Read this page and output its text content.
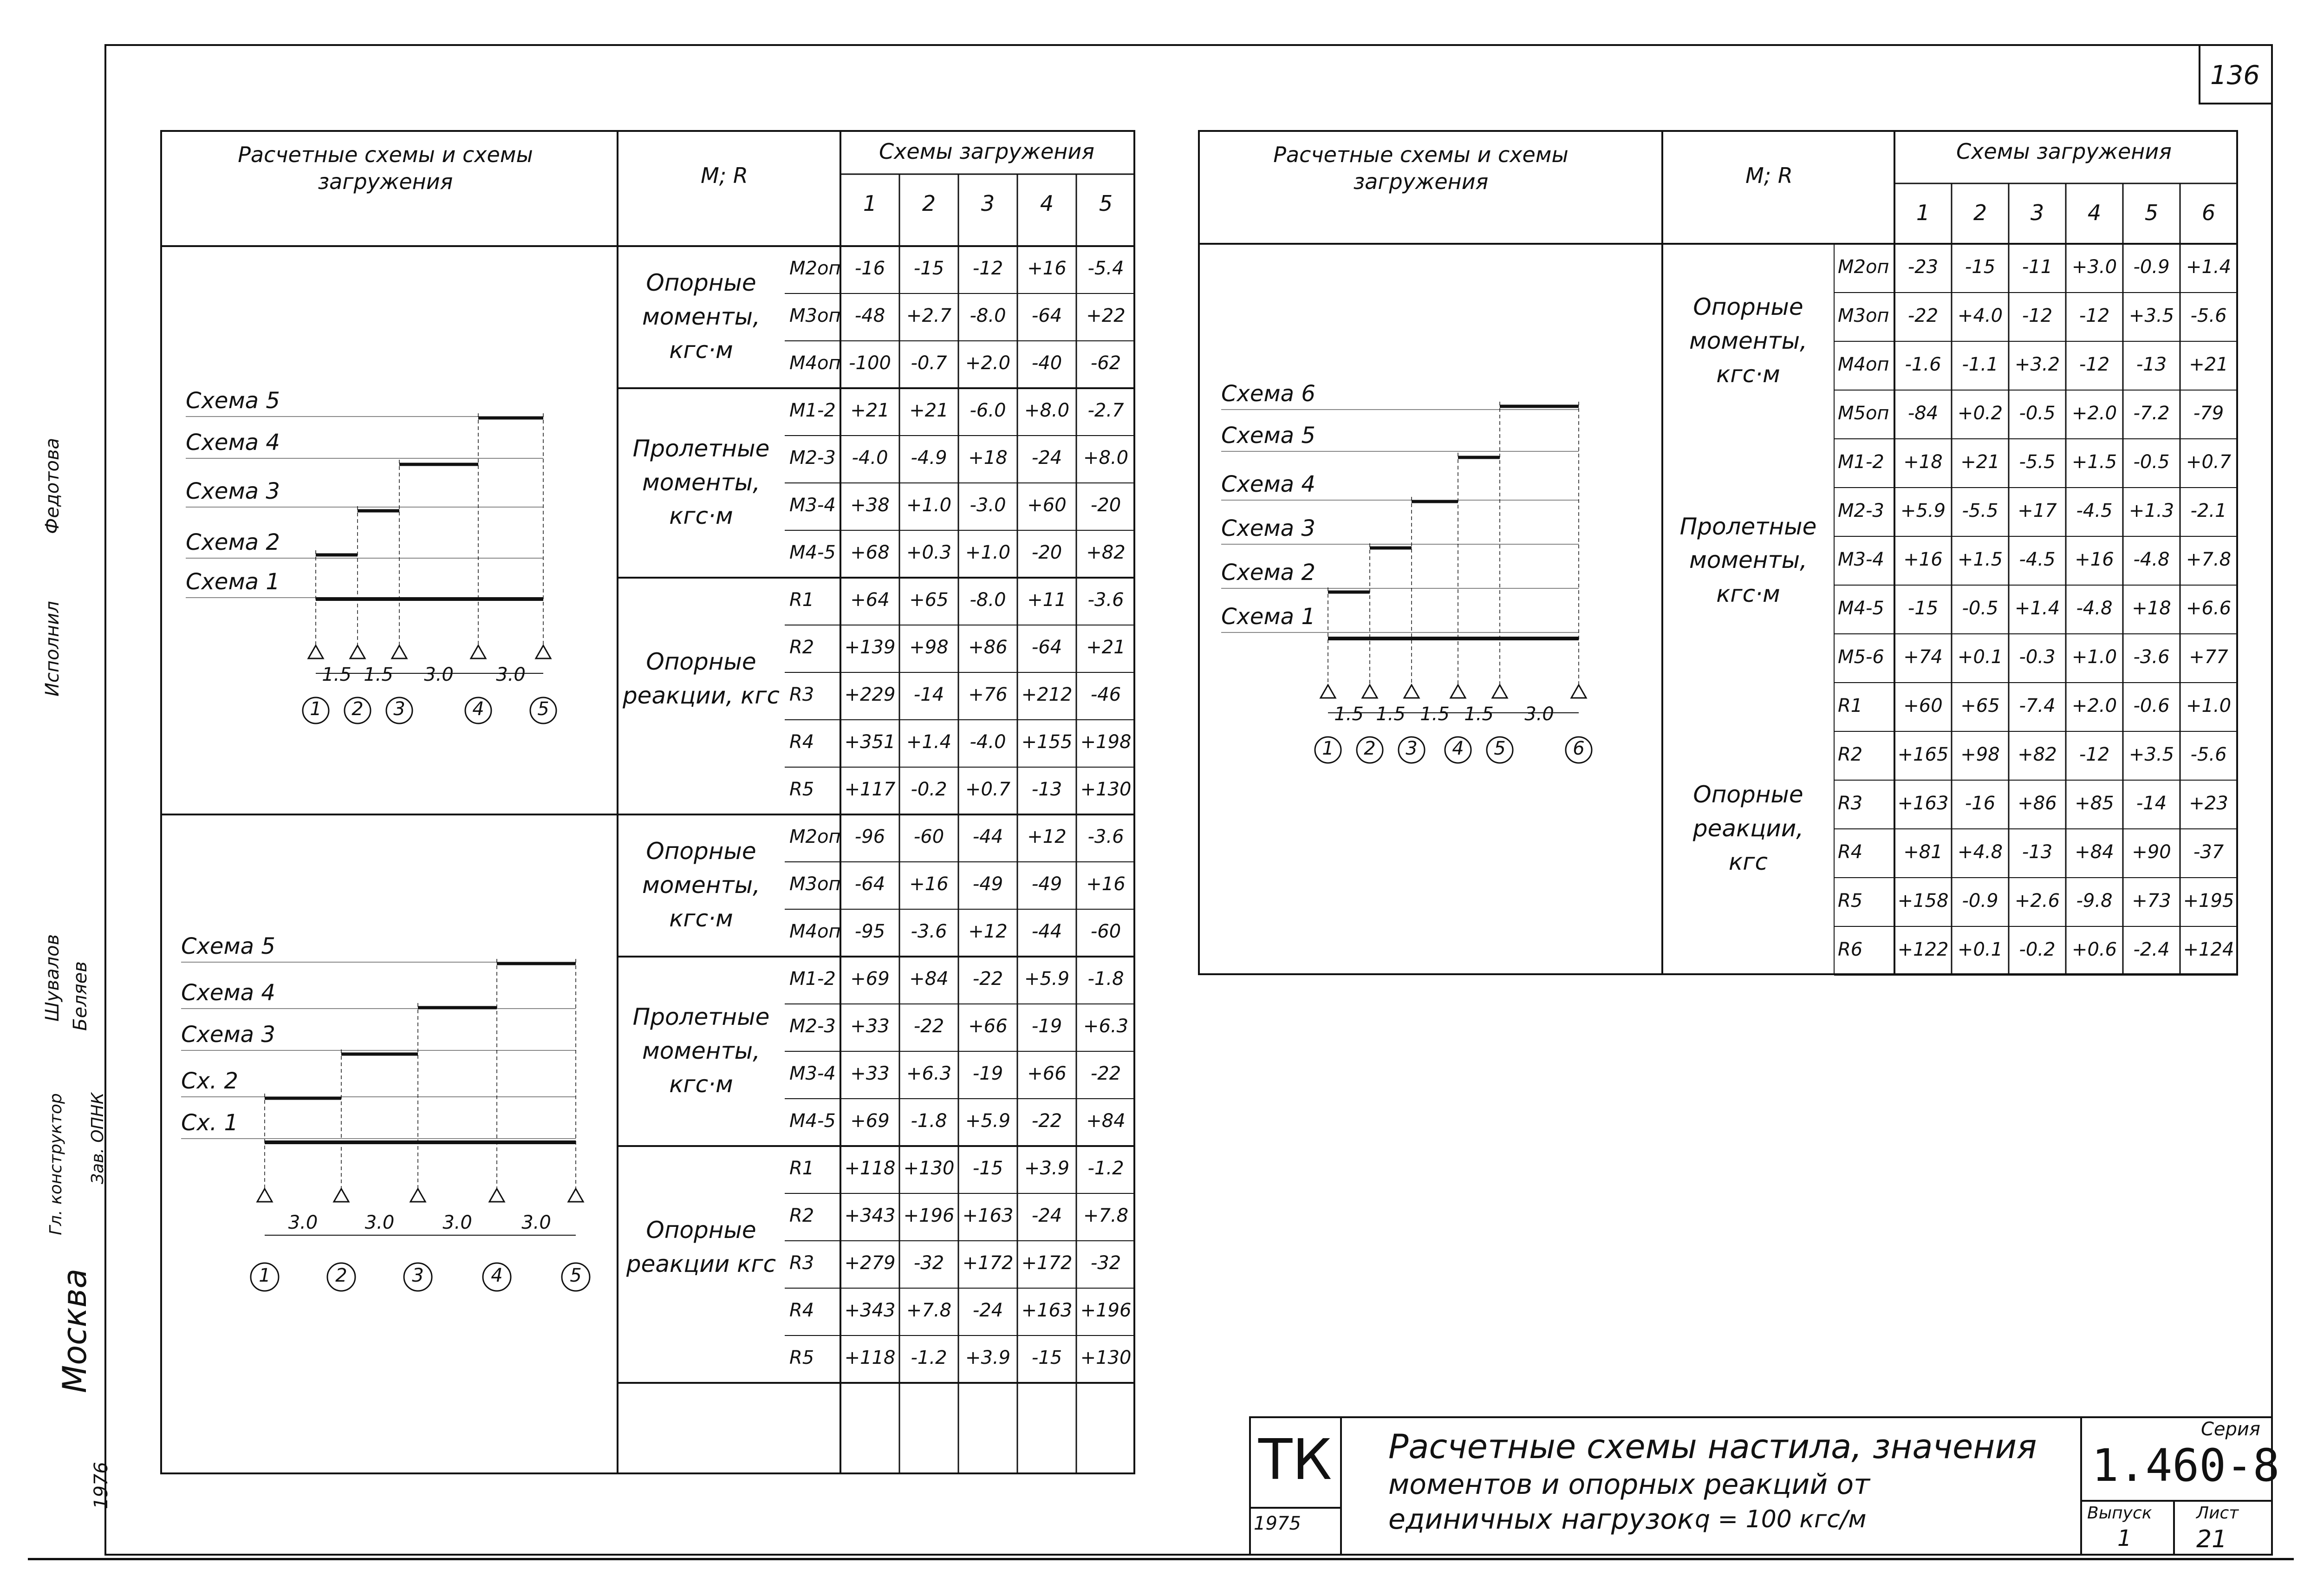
136
Москва
1976
Беляев
Шувалов
Федотова
Исполнил
Зав. ОПНК
Гл. конструктор
Расчетные схемы и схемы загружения	M; R
Схемы загружения
1	2	3	4	5
Опорные моменты, кгс·м
M2оп -16	-15	-12	+16	-5.4
M3оп -48	+2.7 -8.0	-64	+22
M4оп -100	-0.7 +2.0	-40	-62
Пролетные моменты, кгс·м
M1-2 +21	+21	-6.0 +8.0 -2.7
M2-3 -4.0	-4.9	+18	-24	+8.0
M3-4 +38 +1.0 -3.0	+60	-20
M4-5 +68 +0.3 +1.0	-20	+82
Опорные реакции, кгс
R1	+64	+65	-8.0	+11	-3.6
R2 +139 +98	+86	-64	+21
R3 +229 -14	+76 +212 -46
R4 +351 +1.4 -4.0 +155 +198
R5 +117 -0.2 +0.7	-13 +130
Опорные моменты, кгс·м
M2оп -96	-60	-44	+12	-3.6
M3оп -64	+16	-49	-49	+16
M4оп -95	-3.6	+12	-44	-60
Пролетные моменты, кгс·м
M1-2 +69	+84	-22	+5.9 -1.8
M2-3 +33	-22	+66	-19	+6.3
M3-4 +33 +6.3	-19	+66	-22
M4-5 +69	-1.8 +5.9	-22	+84
Опорные реакции кгс
R1 +118 +130 -15	+3.9 -1.2
R2 +343 +196 +163 -24	+7.8
R3 +279 -32 +172 +172 -32
R4 +343 +7.8	-24 +163 +196
R5 +118 -1.2 +3.9	-15 +130
Схема 5
Схема 4
Схема 3
Схема 2
Схема 1
1	2	3	4	5
1.5 1.5 3.0 3.0
Схема 5
Схема 4
Схема 3
Сх. 2
Сх. 1
1	2	3	4	5
3.0	3.0	3.0	3.0
Расчетные схемы и схемы загружения	M; R
Схемы загружения
1	2	3	4	5	6
Опорные моменты, кгс·м
M2оп	-23	-15	-11	+3.0 -0.9 +1.4
M3оп	-22	+4.0	-12	-12	+3.5 -5.6
M4оп -1.6	-1.1 +3.2	-12	-13	+21
M5оп	-84	+0.2 -0.5 +2.0 -7.2	-79
Пролетные моменты, кгс·м
M1-2	+18 +21	-5.5 +1.5 -0.5 +0.7
M2-3 +5.9 -5.5	+17	-4.5 +1.3 -2.1
M3-4	+16 +1.5 -4.5	+16	-4.8 +7.8
M4-5	-15	-0.5 +1.4 -4.8	+18 +6.6
M5-6	+74 +0.1 -0.3 +1.0 -3.6	+77
Опорные реакции, кгс
R1	+60 +65	-7.4 +2.0 -0.6 +1.0
R2 +165 +98 +82	-12	+3.5 -5.6
R3 +163 -16	+86 +85	-14	+23
R4	+81 +4.8	-13	+84 +90	-37
R5 +158 -0.9 +2.6 -9.8	+73 +195
R6 +122 +0.1 -0.2 +0.6 -2.4 +124
Схема 6
Схема 5
Схема 4
Схема 3
Схема 2
Схема 1
1	2	3	4	5	6
1.5 1.5 1.5 1.5 3.0
ТК
1975
Расчетные схемы настила, значения
моментов и опорных реакций от
единичных нагрузок q = 100 кгс/м
Серия
1.460-8
Выпуск
1
Лист
21
